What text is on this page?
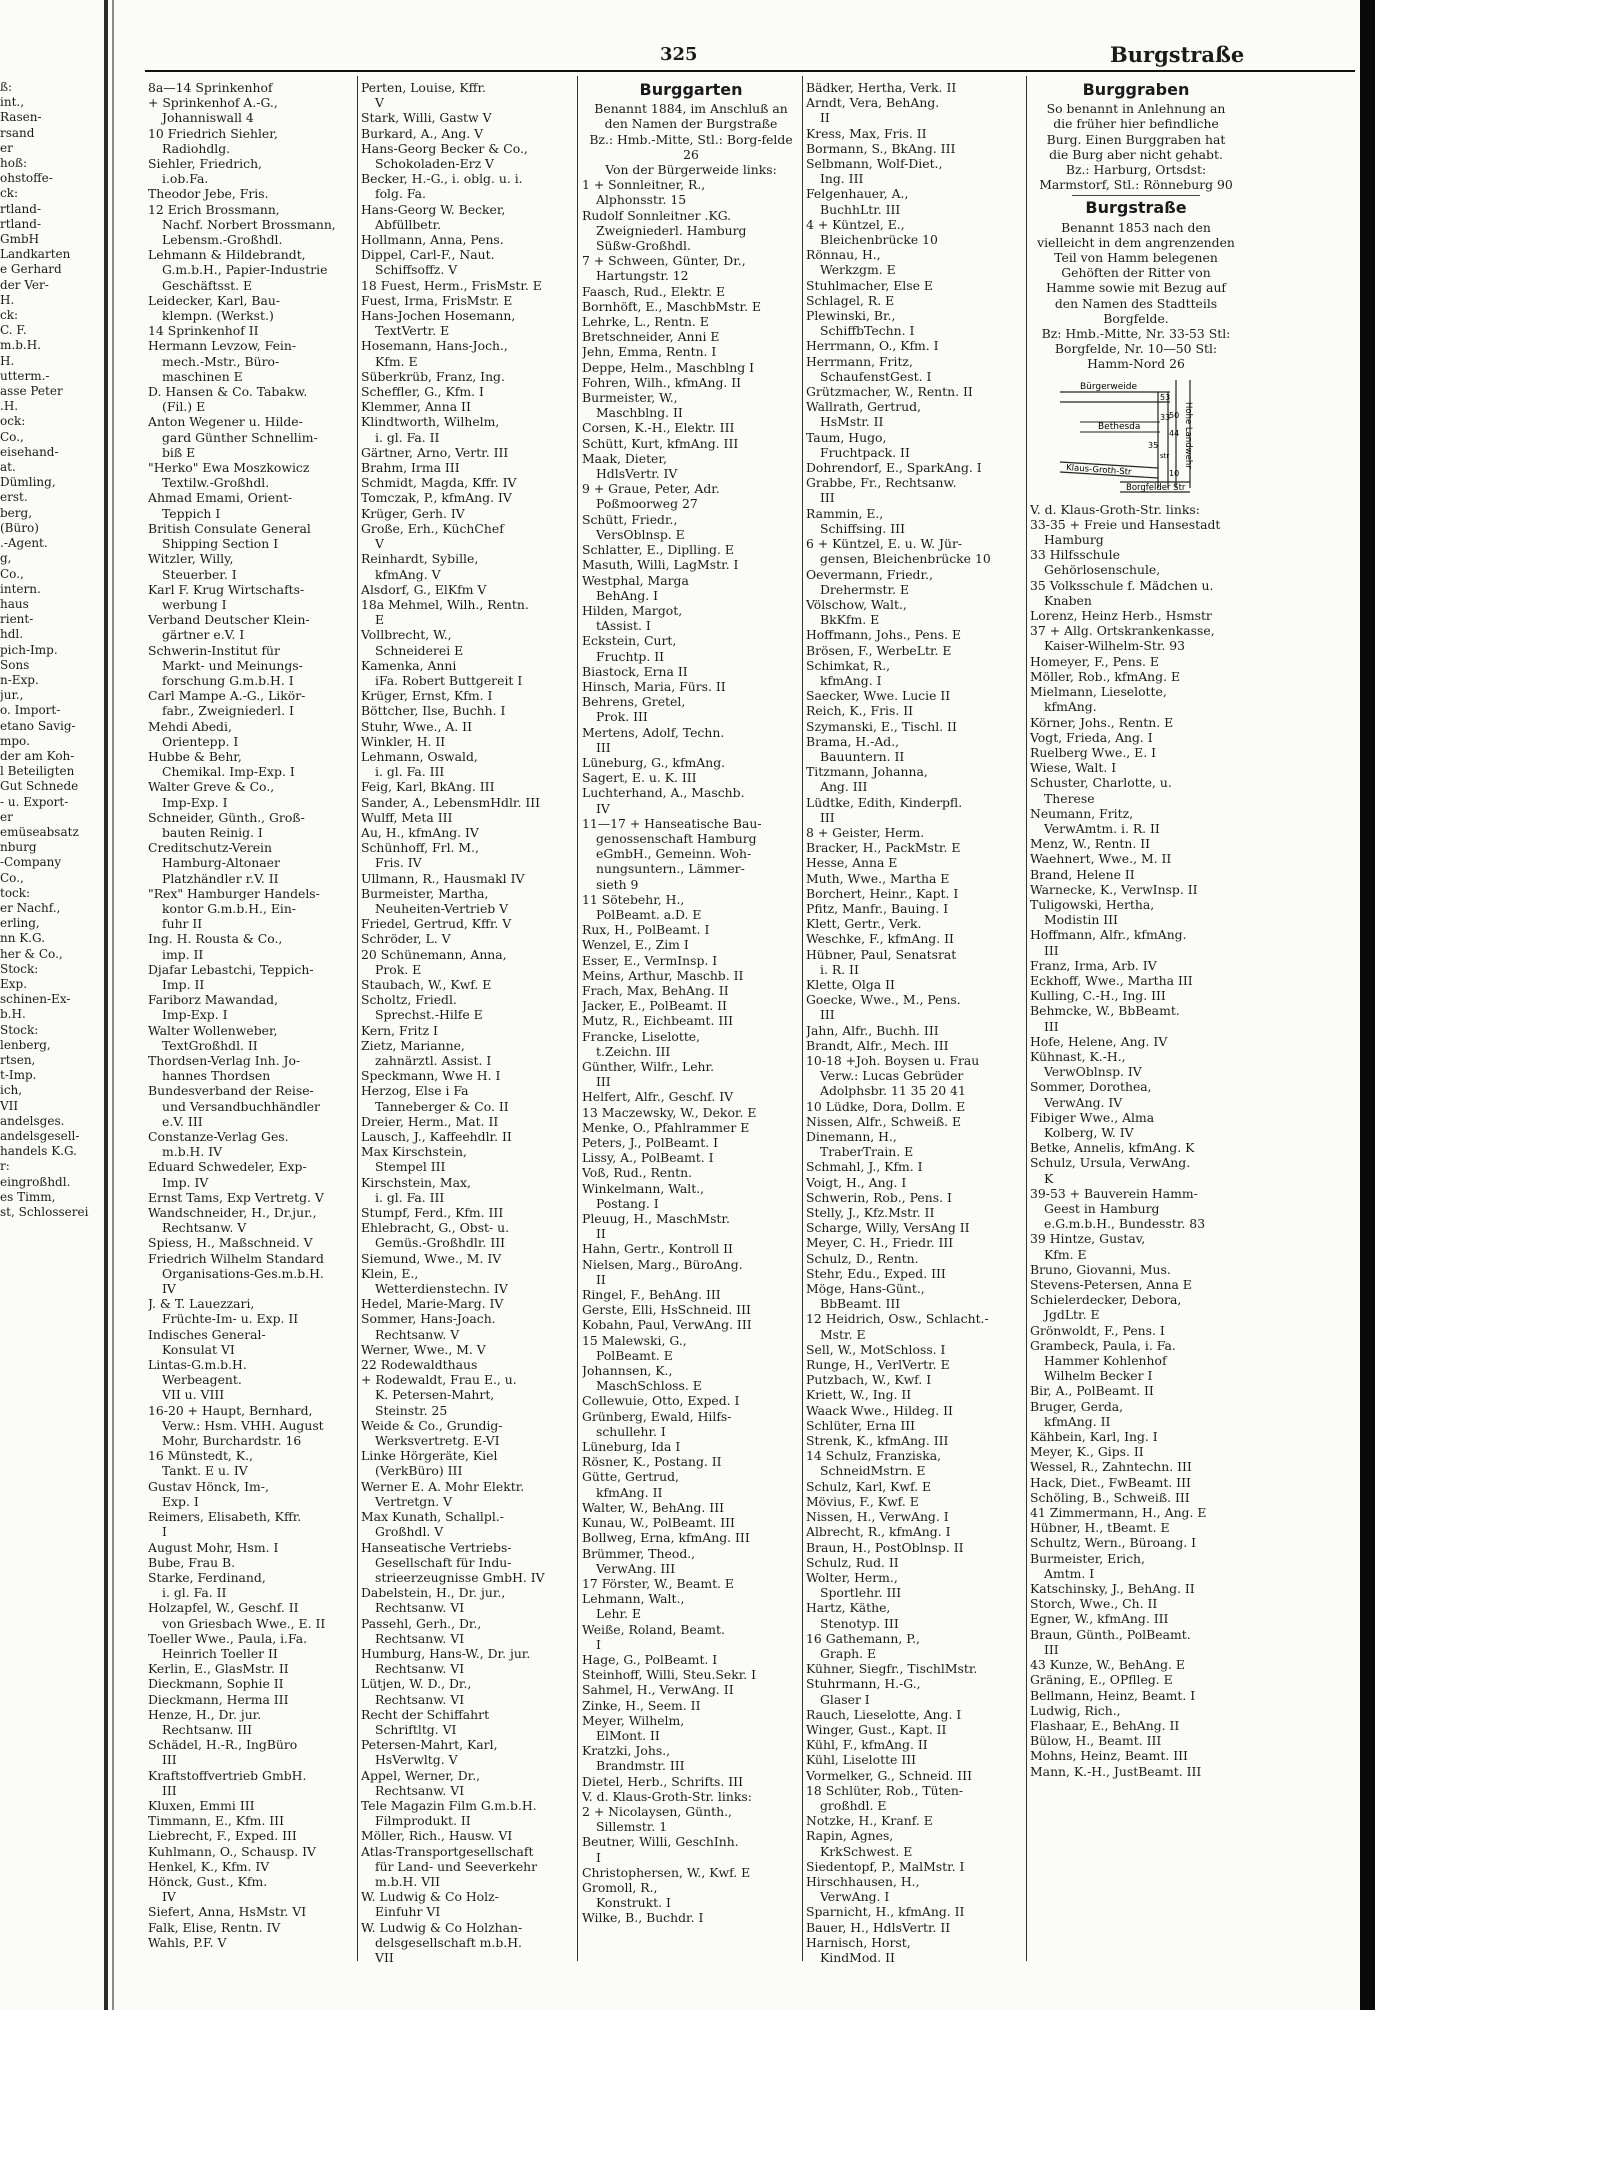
325	Burgstraße
ß:
int.,
Rasen-
rsand
er
hoß:
ohstoffe-
ck:
rtland-
rtland-
GmbH
Landkarten
e Gerhard
der Ver-
H.
ck:
C. F.
m.b.H.
H.
utterm.-
asse Peter
.H.
ock:
Co.,
eisehand-
at.
Dümling,
erst.
berg,
(Büro)
.-Agent.
g,
Co.,
intern.
haus
rient-
hdl.
pich-Imp.
Sons
n-Exp.
jur.,
o. Import-
etano Savig-
mpo.
der am Koh-
l Beteiligten
Gut Schnede
- u. Export-
er
emüseabsatz
nburg
-Company
Co.,
tock:
er Nachf.,
erling,
nn K.G.
her & Co.,
Stock:
Exp.
schinen-Ex-
b.H.
Stock:
lenberg,
rtsen,
t-Imp.
ich,
VII
andelsges.
andelsgesell-
handels K.G.
r:
eingroßhdl.
es Timm,
st, Schlosserei
8a—14 Sprinkenhof
+ Sprinkenhof A.-G.,
Johanniswall 4
10 Friedrich Siehler,
Radiohdlg.
Siehler, Friedrich,
i.ob.Fa.
Theodor Jebe, Fris.
12 Erich Brossmann,
Nachf. Norbert Brossmann,
Lebensm.-Großhdl.
Lehmann & Hildebrandt,
G.m.b.H., Papier-Industrie
Geschäftsst. E
Leidecker, Karl, Bau-
klempn. (Werkst.)
14 Sprinkenhof II
Hermann Levzow, Fein-
mech.-Mstr., Büro-
maschinen E
D. Hansen & Co. Tabakw.
(Fil.) E
Anton Wegener u. Hilde-
gard Günther Schnellim-
biß E
"Herko" Ewa Moszkowicz
Textilw.-Großhdl.
Ahmad Emami, Orient-
Teppich I
British Consulate General
Shipping Section I
Witzler, Willy,
Steuerber. I
Karl F. Krug Wirtschafts-
werbung I
Verband Deutscher Klein-
gärtner e.V. I
Schwerin-Institut für
Markt- und Meinungs-
forschung G.m.b.H. I
Carl Mampe A.-G., Likör-
fabr., Zweigniederl. I
Mehdi Abedi,
Orientepp. I
Hubbe & Behr,
Chemikal. Imp-Exp. I
Walter Greve & Co.,
Imp-Exp. I
Schneider, Günth., Groß-
bauten Reinig. I
Creditschutz-Verein
Hamburg-Altonaer
Platzhändler r.V. II
"Rex" Hamburger Handels-
kontor G.m.b.H., Ein-
fuhr II
Ing. H. Rousta & Co.,
imp. II
Djafar Lebastchi, Teppich-
Imp. II
Fariborz Mawandad,
Imp-Exp. I
Walter Wollenweber,
TextGroßhdl. II
Thordsen-Verlag Inh. Jo-
hannes Thordsen
Bundesverband der Reise-
und Versandbuchhändler
e.V. III
Constanze-Verlag Ges.
m.b.H. IV
Eduard Schwedeler, Exp-
Imp. IV
Ernst Tams, Exp Vertretg. V
Wandschneider, H., Dr.jur.,
Rechtsanw. V
Spiess, H., Maßschneid. V
Friedrich Wilhelm Standard
Organisations-Ges.m.b.H.
IV
J. & T. Lauezzari,
Früchte-Im- u. Exp. II
Indisches General-
Konsulat VI
Lintas-G.m.b.H.
Werbeagent.
VII u. VIII
16-20 + Haupt, Bernhard,
Verw.: Hsm. VHH. August
Mohr, Burchardstr. 16
16 Münstedt, K.,
Tankt. E u. IV
Gustav Hönck, Im-,
Exp. I
Reimers, Elisabeth, Kffr.
I
August Mohr, Hsm. I
Bube, Frau B.
Starke, Ferdinand,
i. gl. Fa. II
Holzapfel, W., Geschf. II
von Griesbach Wwe., E. II
Toeller Wwe., Paula, i.Fa.
Heinrich Toeller II
Kerlin, E., GlasMstr. II
Dieckmann, Sophie II
Dieckmann, Herma III
Henze, H., Dr. jur.
Rechtsanw. III
Schädel, H.-R., IngBüro
III
Kraftstoffvertrieb GmbH.
III
Kluxen, Emmi III
Timmann, E., Kfm. III
Liebrecht, F., Exped. III
Kuhlmann, O., Schausp. IV
Henkel, K., Kfm. IV
Hönck, Gust., Kfm.
IV
Siefert, Anna, HsMstr. VI
Falk, Elise, Rentn. IV
Wahls, P.F. V
Perten, Louise, Kffr.
V
Stark, Willi, Gastw V
Burkard, A., Ang. V
Hans-Georg Becker & Co.,
Schokoladen-Erz V
Becker, H.-G., i. oblg. u. i.
folg. Fa.
Hans-Georg W. Becker,
Abfüllbetr.
Hollmann, Anna, Pens.
Dippel, Carl-F., Naut.
Schiffsoffz. V
18 Fuest, Herm., FrisMstr. E
Fuest, Irma, FrisMstr. E
Hans-Jochen Hosemann,
TextVertr. E
Hosemann, Hans-Joch.,
Kfm. E
Süberkrüb, Franz, Ing.
Scheffler, G., Kfm. I
Klemmer, Anna II
Klindtworth, Wilhelm,
i. gl. Fa. II
Gärtner, Arno, Vertr. III
Brahm, Irma III
Schmidt, Magda, Kffr. IV
Tomczak, P., kfmAng. IV
Krüger, Gerh. IV
Große, Erh., KüchChef
V
Reinhardt, Sybille,
kfmAng. V
Alsdorf, G., ElKfm V
18a Mehmel, Wilh., Rentn.
E
Vollbrecht, W.,
Schneiderei E
Kamenka, Anni
iFa. Robert Buttgereit I
Krüger, Ernst, Kfm. I
Böttcher, Ilse, Buchh. I
Stuhr, Wwe., A. II
Winkler, H. II
Lehmann, Oswald,
i. gl. Fa. III
Feig, Karl, BkAng. III
Sander, A., LebensmHdlr. III
Wulff, Meta III
Au, H., kfmAng. IV
Schünhoff, Frl. M.,
Fris. IV
Ullmann, R., Hausmakl IV
Burmeister, Martha,
Neuheiten-Vertrieb V
Friedel, Gertrud, Kffr. V
Schröder, L. V
20 Schünemann, Anna,
Prok. E
Staubach, W., Kwf. E
Scholtz, Friedl.
Sprechst.-Hilfe E
Kern, Fritz I
Zietz, Marianne,
zahnärztl. Assist. I
Speckmann, Wwe H. I
Herzog, Else i Fa
Tanneberger & Co. II
Dreier, Herm., Mat. II
Lausch, J., Kaffeehdlr. II
Max Kirschstein,
Stempel III
Kirschstein, Max,
i. gl. Fa. III
Stumpf, Ferd., Kfm. III
Ehlebracht, G., Obst- u.
Gemüs.-Großhdlr. III
Siemund, Wwe., M. IV
Klein, E.,
Wetterdienstechn. IV
Hedel, Marie-Marg. IV
Sommer, Hans-Joach.
Rechtsanw. V
Werner, Wwe., M. V
22 Rodewaldthaus
+ Rodewaldt, Frau E., u.
K. Petersen-Mahrt,
Steinstr. 25
Weide & Co., Grundig-
Werksvertretg. E-VI
Linke Hörgeräte, Kiel
(VerkBüro) III
Werner E. A. Mohr Elektr.
Vertretgn. V
Max Kunath, Schallpl.-
Großhdl. V
Hanseatische Vertriebs-
Gesellschaft für Indu-
strieerzeugnisse GmbH. IV
Dabelstein, H., Dr. jur.,
Rechtsanw. VI
Passehl, Gerh., Dr.,
Rechtsanw. VI
Humburg, Hans-W., Dr. jur.
Rechtsanw. VI
Lütjen, W. D., Dr.,
Rechtsanw. VI
Recht der Schiffahrt
Schriftltg. VI
Petersen-Mahrt, Karl,
HsVerwltg. V
Appel, Werner, Dr.,
Rechtsanw. VI
Tele Magazin Film G.m.b.H.
Filmprodukt. II
Möller, Rich., Hausw. VI
Atlas-Transportgesellschaft
für Land- und Seeverkehr
m.b.H. VII
W. Ludwig & Co Holz-
Einfuhr VI
W. Ludwig & Co Holzhan-
delsgesellschaft m.b.H.
VII
Burggarten
Benannt 1884, im Anschluß an den Namen der Burgstraße
Bz.: Hmb.-Mitte, Stl.: Borg-felde 26
Von der Bürgerweide links:
1 + Sonnleitner, R.,
Alphonsstr. 15
Rudolf Sonnleitner .KG.
Zweigniederl. Hamburg
Süßw-Großhdl.
7 + Schween, Günter, Dr.,
Hartungstr. 12
Faasch, Rud., Elektr. E
Bornhöft, E., MaschbMstr. E
Lehrke, L., Rentn. E
Bretschneider, Anni E
Jehn, Emma, Rentn. I
Deppe, Helm., Maschblng I
Fohren, Wilh., kfmAng. II
Burmeister, W.,
Maschblng. II
Corsen, K.-H., Elektr. III
Schütt, Kurt, kfmAng. III
Maak, Dieter,
HdlsVertr. IV
9 + Graue, Peter, Adr.
Poßmoorweg 27
Schütt, Friedr.,
VersOblnsp. E
Schlatter, E., Diplling. E
Masuth, Willi, LagMstr. I
Westphal, Marga
BehAng. I
Hilden, Margot,
tAssist. I
Eckstein, Curt,
Fruchtp. II
Biastock, Erna II
Hinsch, Maria, Fürs. II
Behrens, Gretel,
Prok. III
Mertens, Adolf, Techn.
III
Lüneburg, G., kfmAng.
Sagert, E. u. K. III
Luchterhand, A., Maschb.
IV
11—17 + Hanseatische Bau-
genossenschaft Hamburg
eGmbH., Gemeinn. Woh-
nungsuntern., Lämmer-
sieth 9
11 Sötebehr, H.,
PolBeamt. a.D. E
Rux, H., PolBeamt. I
Wenzel, E., Zim I
Esser, E., VermInsp. I
Meins, Arthur, Maschb. II
Frach, Max, BehAng. II
Jacker, E., PolBeamt. II
Mutz, R., Eichbeamt. III
Francke, Liselotte,
t.Zeichn. III
Günther, Wilfr., Lehr.
III
Helfert, Alfr., Geschf. IV
13 Maczewsky, W., Dekor. E
Menke, O., Pfahlrammer E
Peters, J., PolBeamt. I
Lissy, A., PolBeamt. I
Voß, Rud., Rentn.
Winkelmann, Walt.,
Postang. I
Pleuug, H., MaschMstr.
II
Hahn, Gertr., Kontroll II
Nielsen, Marg., BüroAng.
II
Ringel, F., BehAng. III
Gerste, Elli, HsSchneid. III
Kobahn, Paul, VerwAng. III
15 Malewski, G.,
PolBeamt. E
Johannsen, K.,
MaschSchloss. E
Collewuie, Otto, Exped. I
Grünberg, Ewald, Hilfs-
schullehr. I
Lüneburg, Ida I
Rösner, K., Postang. II
Gütte, Gertrud,
kfmAng. II
Walter, W., BehAng. III
Kunau, W., PolBeamt. III
Bollweg, Erna, kfmAng. III
Brümmer, Theod.,
VerwAng. III
17 Förster, W., Beamt. E
Lehmann, Walt.,
Lehr. E
Weiße, Roland, Beamt.
I
Hage, G., PolBeamt. I
Steinhoff, Willi, Steu.Sekr. I
Sahmel, H., VerwAng. II
Zinke, H., Seem. II
Meyer, Wilhelm,
ElMont. II
Kratzki, Johs.,
Brandmstr. III
Dietel, Herb., Schrifts. III
V. d. Klaus-Groth-Str. links:
2 + Nicolaysen, Günth.,
Sillemstr. 1
Beutner, Willi, GeschInh.
I
Christophersen, W., Kwf. E
Gromoll, R.,
Konstrukt. I
Wilke, B., Buchdr. I
Bädker, Hertha, Verk. II
Arndt, Vera, BehAng.
II
Kress, Max, Fris. II
Bormann, S., BkAng. III
Selbmann, Wolf-Diet.,
Ing. III
Felgenhauer, A.,
BuchhLtr. III
4 + Küntzel, E.,
Bleichenbrücke 10
Rönnau, H.,
Werkzgm. E
Stuhlmacher, Else E
Schlagel, R. E
Plewinski, Br.,
SchiffbTechn. I
Herrmann, O., Kfm. I
Herrmann, Fritz,
SchaufenstGest. I
Grützmacher, W., Rentn. II
Wallrath, Gertrud,
HsMstr. II
Taum, Hugo,
Fruchtpack. II
Dohrendorf, E., SparkAng. I
Grabbe, Fr., Rechtsanw.
III
Rammin, E.,
Schiffsing. III
6 + Küntzel, E. u. W. Jür-
gensen, Bleichenbrücke 10
Oevermann, Friedr.,
Drehermstr. E
Völschow, Walt.,
BkKfm. E
Hoffmann, Johs., Pens. E
Brösen, F., WerbeLtr. E
Schimkat, R.,
kfmAng. I
Saecker, Wwe. Lucie II
Reich, K., Fris. II
Szymanski, E., Tischl. II
Brama, H.-Ad.,
Bauuntern. II
Titzmann, Johanna,
Ang. III
Lüdtke, Edith, Kinderpfl.
III
8 + Geister, Herm.
Bracker, H., PackMstr. E
Hesse, Anna E
Muth, Wwe., Martha E
Borchert, Heinr., Kapt. I
Pfitz, Manfr., Bauing. I
Klett, Gertr., Verk.
Weschke, F., kfmAng. II
Hübner, Paul, Senatsrat
i. R. II
Klette, Olga II
Goecke, Wwe., M., Pens.
III
Jahn, Alfr., Buchh. III
Brandt, Alfr., Mech. III
10-18 +Joh. Boysen u. Frau
Verw.: Lucas Gebrüder
Adolphsbr. 11 35 20 41
10 Lüdke, Dora, Dollm. E
Nissen, Alfr., Schweiß. E
Dinemann, H.,
TraberTrain. E
Schmahl, J., Kfm. I
Voigt, H., Ang. I
Schwerin, Rob., Pens. I
Stelly, J., Kfz.Mstr. II
Scharge, Willy, VersAng II
Meyer, C. H., Friedr. III
Schulz, D., Rentn.
Stehr, Edu., Exped. III
Möge, Hans-Günt.,
BbBeamt. III
12 Heidrich, Osw., Schlacht.-
Mstr. E
Sell, W., MotSchloss. I
Runge, H., VerlVertr. E
Putzbach, W., Kwf. I
Kriett, W., Ing. II
Waack Wwe., Hildeg. II
Schlüter, Erna III
Strenk, K., kfmAng. III
14 Schulz, Franziska,
SchneidMstrn. E
Schulz, Karl, Kwf. E
Mövius, F., Kwf. E
Nissen, H., VerwAng. I
Albrecht, R., kfmAng. I
Braun, H., PostOblnsp. II
Schulz, Rud. II
Wolter, Herm.,
Sportlehr. III
Hartz, Käthe,
Stenotyp. III
16 Gathemann, P.,
Graph. E
Kühner, Siegfr., TischlMstr.
Stuhrmann, H.-G.,
Glaser I
Rauch, Lieselotte, Ang. I
Winger, Gust., Kapt. II
Kühl, F., kfmAng. II
Kühl, Liselotte III
Vormelker, G., Schneid. III
18 Schlüter, Rob., Tüten-
großhdl. E
Notzke, H., Kranf. E
Rapin, Agnes,
KrkSchwest. E
Siedentopf, P., MalMstr. I
Hirschhausen, H.,
VerwAng. I
Sparnicht, H., kfmAng. II
Bauer, H., HdlsVertr. II
Harnisch, Horst,
KindMod. II
Burggraben
So benannt in Anlehnung an die früher hier befindliche Burg. Einen Burggraben hat die Burg aber nicht gehabt.
Bz.: Harburg, Ortsdst: Marmstorf, Stl.: Rönneburg 90
Burgstraße
Benannt 1853 nach den vielleicht in dem angrenzenden Teil von Hamm belegenen Gehöften der Ritter von Hamme sowie mit Bezug auf den Namen des Stadtteils Borgfelde.
Bz: Hmb.-Mitte, Nr. 33-53 Stl: Borgfelde, Nr. 10—50 Stl: Hamm-Nord 26
Bürgerweide
Bethesda
Klaus-Groth-Str
Borgfelder Str
Hohe Landwehr
53
33
35
44
10
50
str
V. d. Klaus-Groth-Str. links:
33-35 + Freie und Hansestadt
Hamburg
33 Hilfsschule
Gehörlosenschule,
35 Volksschule f. Mädchen u.
Knaben
Lorenz, Heinz Herb., Hsmstr
37 + Allg. Ortskrankenkasse,
Kaiser-Wilhelm-Str. 93
Homeyer, F., Pens. E
Möller, Rob., kfmAng. E
Mielmann, Lieselotte,
kfmAng.
Körner, Johs., Rentn. E
Vogt, Frieda, Ang. I
Ruelberg Wwe., E. I
Wiese, Walt. I
Schuster, Charlotte, u.
Therese
Neumann, Fritz,
VerwAmtm. i. R. II
Menz, W., Rentn. II
Waehnert, Wwe., M. II
Brand, Helene II
Warnecke, K., VerwInsp. II
Tuligowski, Hertha,
Modistin III
Hoffmann, Alfr., kfmAng.
III
Franz, Irma, Arb. IV
Eckhoff, Wwe., Martha III
Kulling, C.-H., Ing. III
Behmcke, W., BbBeamt.
III
Hofe, Helene, Ang. IV
Kühnast, K.-H.,
VerwOblnsp. IV
Sommer, Dorothea,
VerwAng. IV
Fibiger Wwe., Alma
Kolberg, W. IV
Betke, Annelis, kfmAng. K
Schulz, Ursula, VerwAng.
K
39-53 + Bauverein Hamm-
Geest in Hamburg
e.G.m.b.H., Bundesstr. 83
39 Hintze, Gustav,
Kfm. E
Bruno, Giovanni, Mus.
Stevens-Petersen, Anna E
Schielerdecker, Debora,
JgdLtr. E
Grönwoldt, F., Pens. I
Grambeck, Paula, i. Fa.
Hammer Kohlenhof
Wilhelm Becker I
Bir, A., PolBeamt. II
Bruger, Gerda,
kfmAng. II
Kähbein, Karl, Ing. I
Meyer, K., Gips. II
Wessel, R., Zahntechn. III
Hack, Diet., FwBeamt. III
Schöling, B., Schweiß. III
41 Zimmermann, H., Ang. E
Hübner, H., tBeamt. E
Schultz, Wern., Büroang. I
Burmeister, Erich,
Amtm. I
Katschinsky, J., BehAng. II
Storch, Wwe., Ch. II
Egner, W., kfmAng. III
Braun, Günth., PolBeamt.
III
43 Kunze, W., BehAng. E
Gräning, E., OPflleg. E
Bellmann, Heinz, Beamt. I
Ludwig, Rich.,
Flashaar, E., BehAng. II
Bülow, H., Beamt. III
Mohns, Heinz, Beamt. III
Mann, K.-H., JustBeamt. III
